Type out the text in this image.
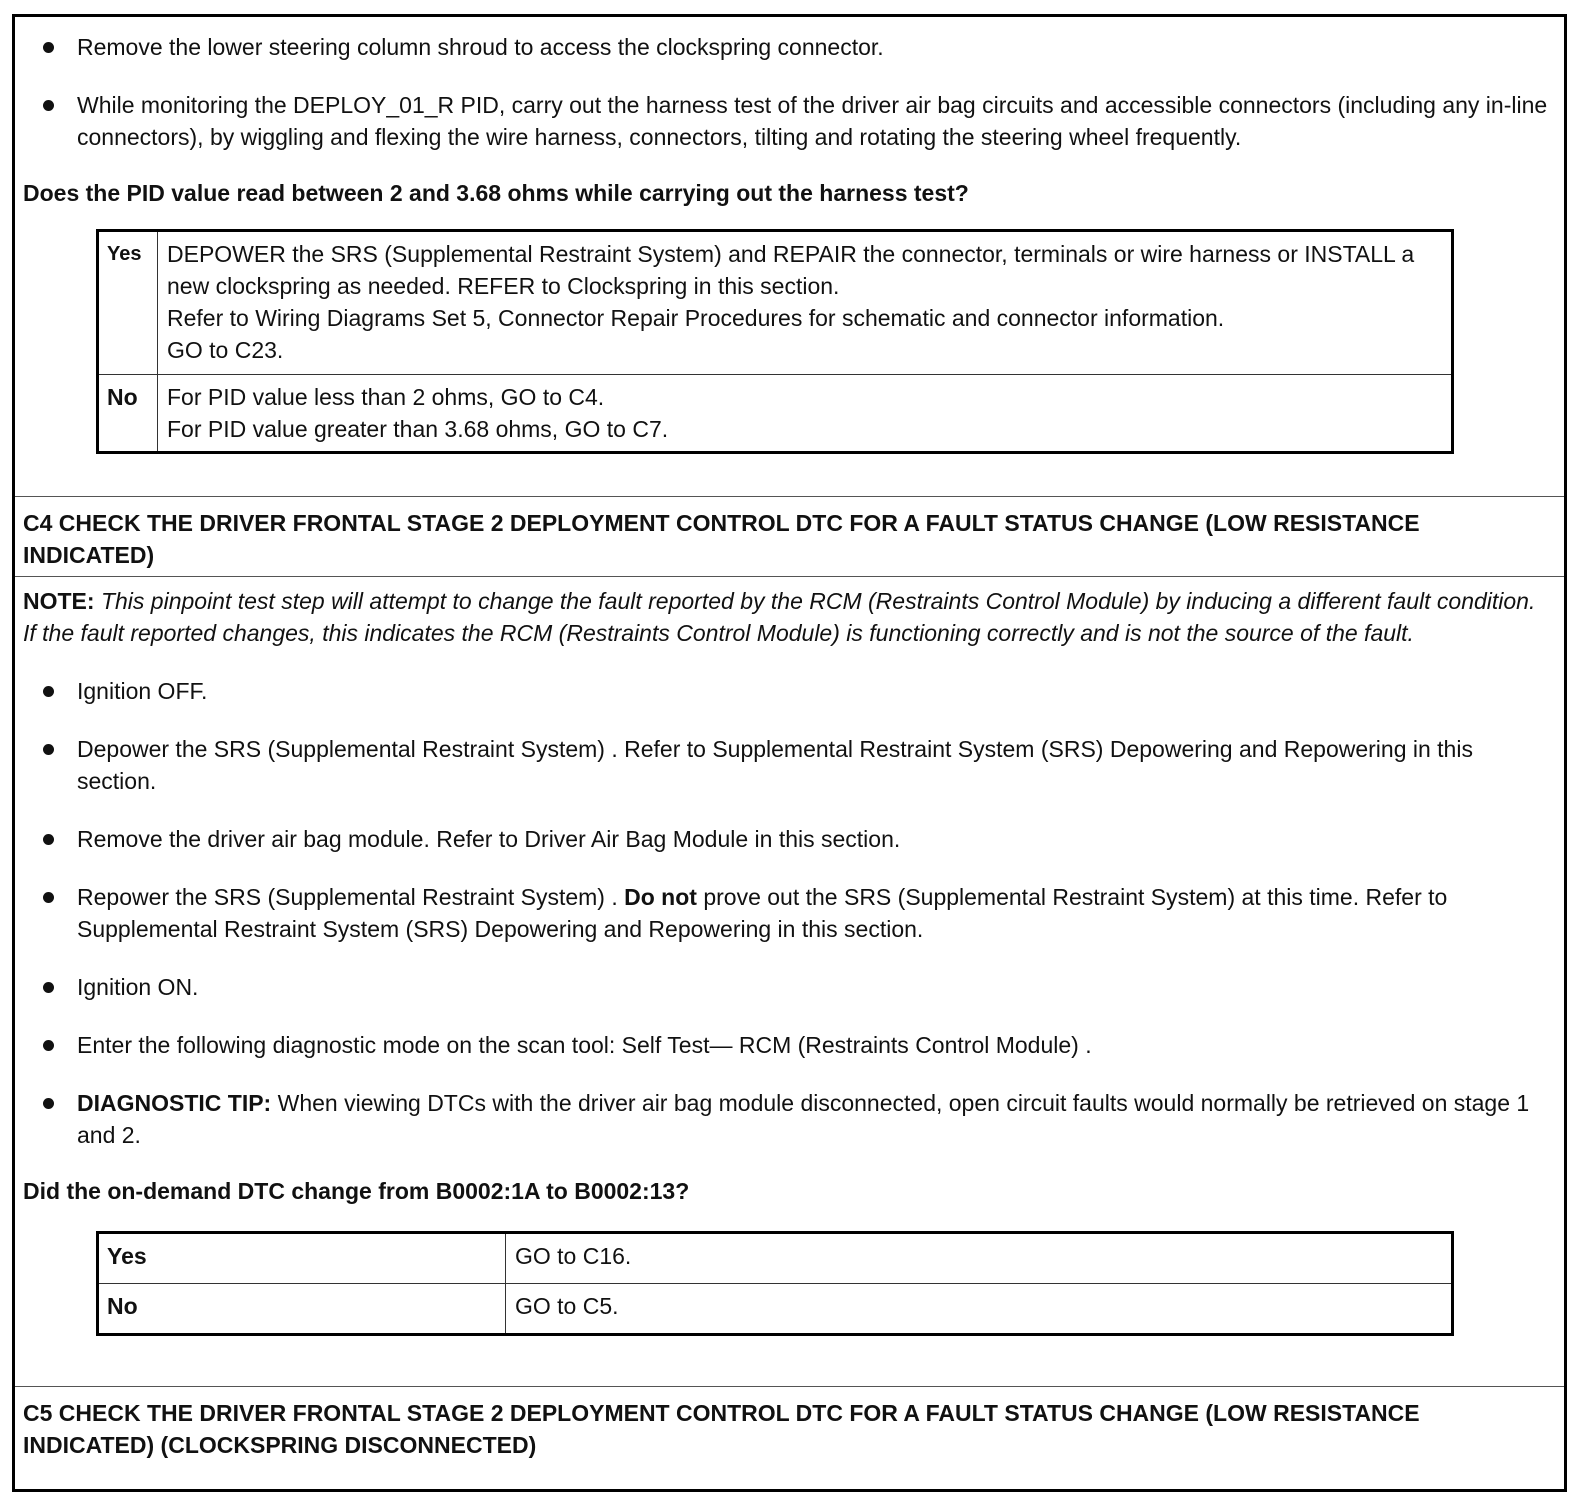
Remove the lower steering column shroud to access the clockspring connector.

While monitoring the DEPLOY_01_R PID, carry out the harness test of the driver air bag circuits and accessible connectors (including any in-line connectors), by wiggling and flexing the wire harness, connectors, tilting and rotating the steering wheel frequently.

Does the PID value read between 2 and 3.68 ohms while carrying out the harness test?
Yes	DEPOWER the SRS (Supplemental Restraint System) and REPAIR the connector, terminals or wire harness or INSTALL a new clockspring as needed. REFER to Clockspring in this section.
Refer to Wiring Diagrams Set 5, Connector Repair Procedures for schematic and connector information.
GO to C23.

No	For PID value less than 2 ohms, GO to C4.
For PID value greater than 3.68 ohms, GO to C7.
C4 CHECK THE DRIVER FRONTAL STAGE 2 DEPLOYMENT CONTROL DTC FOR A FAULT STATUS CHANGE (LOW RESISTANCE INDICATED)
NOTE: This pinpoint test step will attempt to change the fault reported by the RCM (Restraints Control Module) by inducing a different fault condition. If the fault reported changes, this indicates the RCM (Restraints Control Module) is functioning correctly and is not the source of the fault.

Ignition OFF.

Depower the SRS (Supplemental Restraint System) . Refer to Supplemental Restraint System (SRS) Depowering and Repowering in this section.

Remove the driver air bag module. Refer to Driver Air Bag Module in this section.

Repower the SRS (Supplemental Restraint System) . Do not prove out the SRS (Supplemental Restraint System) at this time. Refer to Supplemental Restraint System (SRS) Depowering and Repowering in this section.

Ignition ON.

Enter the following diagnostic mode on the scan tool: Self Test— RCM (Restraints Control Module) .

DIAGNOSTIC TIP: When viewing DTCs with the driver air bag module disconnected, open circuit faults would normally be retrieved on stage 1 and 2.

Did the on-demand DTC change from B0002:1A to B0002:13?
Yes	GO to C16.
No	GO to C5.
C5 CHECK THE DRIVER FRONTAL STAGE 2 DEPLOYMENT CONTROL DTC FOR A FAULT STATUS CHANGE (LOW RESISTANCE INDICATED) (CLOCKSPRING DISCONNECTED)
